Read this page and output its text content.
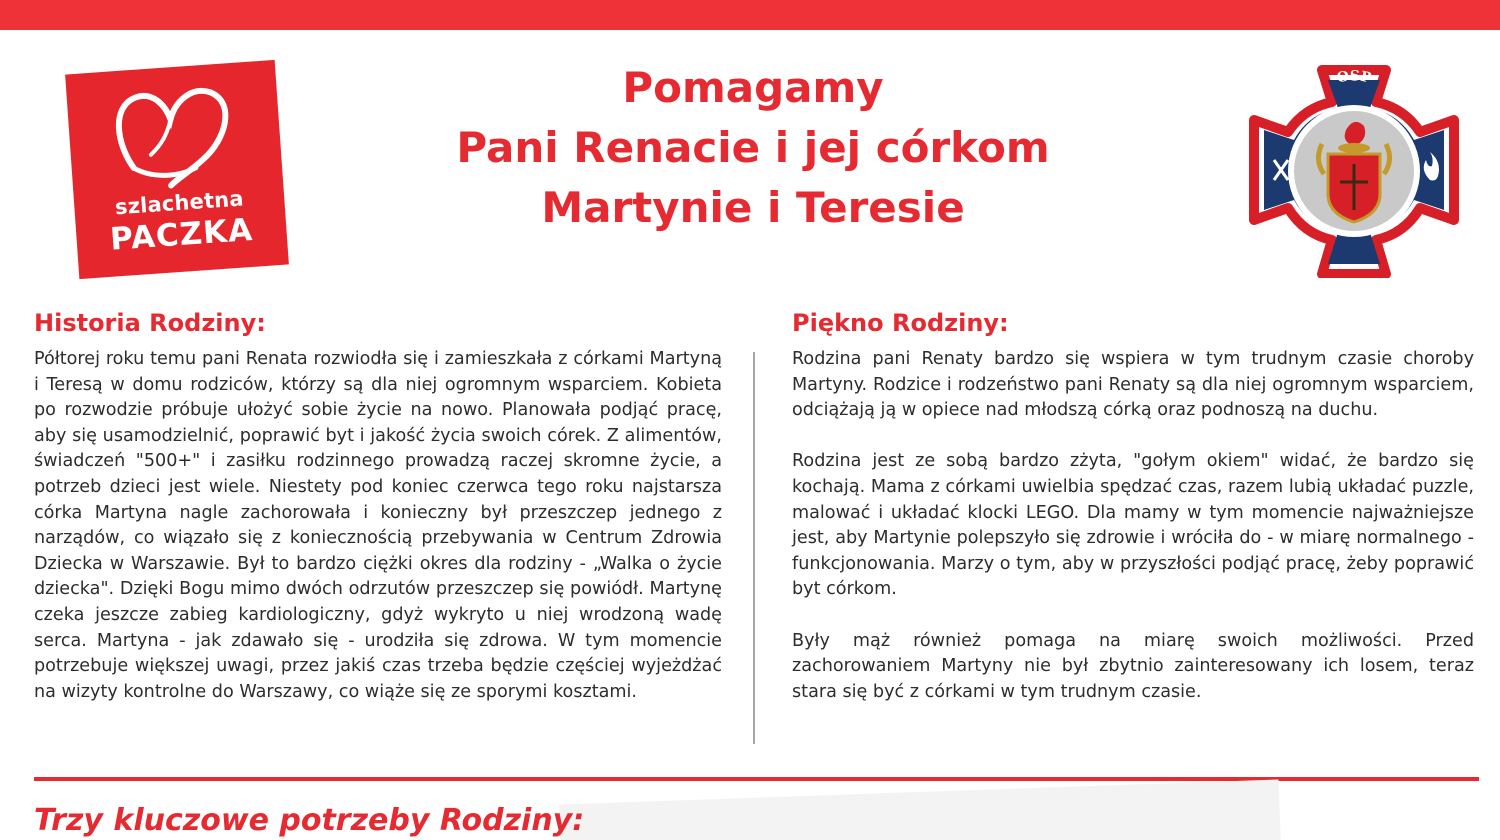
szlachetna
PACZKA
Pomagamy
Pani Renacie i jej córkom
Martynie i Teresie
OSP
Historia Rodziny:
Półtorej roku temu pani Renata rozwiodła się i zamieszkała z córkami Martyną i Teresą w domu rodziców, którzy są dla niej ogromnym wsparciem. Kobieta po rozwodzie próbuje ułożyć sobie życie na nowo. Planowała podjąć pracę, aby się usamodzielnić, poprawić byt i jakość życia swoich córek. Z alimentów, świadczeń "500+" i zasiłku rodzinnego prowadzą raczej skromne życie, a potrzeb dzieci jest wiele. Niestety pod koniec czerwca tego roku najstarsza córka Martyna nagle zachorowała i konieczny był przeszczep jednego z narządów, co wiązało się z koniecznością przebywania w Centrum Zdrowia Dziecka w Warszawie. Był to bardzo ciężki okres dla rodziny - „Walka o życie dziecka". Dzięki Bogu mimo dwóch odrzutów przeszczep się powiódł. Martynę czeka jeszcze zabieg kardiologiczny, gdyż wykryto u niej wrodzoną wadę serca. Martyna - jak zdawało się - urodziła się zdrowa. W tym momencie potrzebuje większej uwagi, przez jakiś czas trzeba będzie częściej wyjeżdżać na wizyty kontrolne do Warszawy, co wiąże się ze sporymi kosztami.
Piękno Rodziny:

Rodzina pani Renaty bardzo się wspiera w tym trudnym czasie choroby Martyny. Rodzice i rodzeństwo pani Renaty są dla niej ogromnym wsparciem, odciążają ją w opiece nad młodszą córką oraz podnoszą na duchu.

Rodzina jest ze sobą bardzo zżyta, "gołym okiem" widać, że bardzo się kochają. Mama z córkami uwielbia spędzać czas, razem lubią układać puzzle, malować i układać klocki LEGO. Dla mamy w tym momencie najważniejsze jest, aby Martynie polepszyło się zdrowie i wróciła do - w miarę normalnego - funkcjonowania. Marzy o tym, aby w przyszłości podjąć pracę, żeby poprawić byt córkom.

Były mąż również pomaga na miarę swoich możliwości. Przed zachorowaniem Martyny nie był zbytnio zainteresowany ich losem, teraz stara się być z córkami w tym trudnym czasie.

Trzy kluczowe potrzeby Rodziny:
